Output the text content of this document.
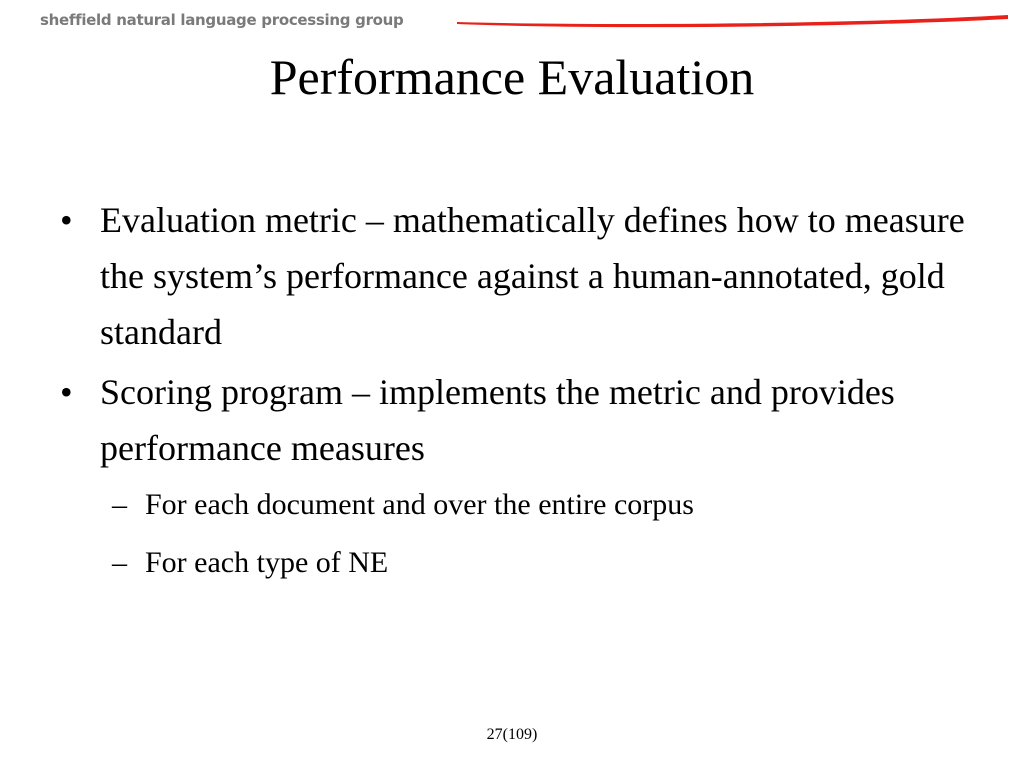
sheffield natural language processing group
Performance Evaluation
• Evaluation metric – mathematically defines how to measure the system’s performance against a human-annotated, gold standard
• Scoring program – implements the metric and provides performance measures
– For each document and over the entire corpus
– For each type of NE
27(109)
